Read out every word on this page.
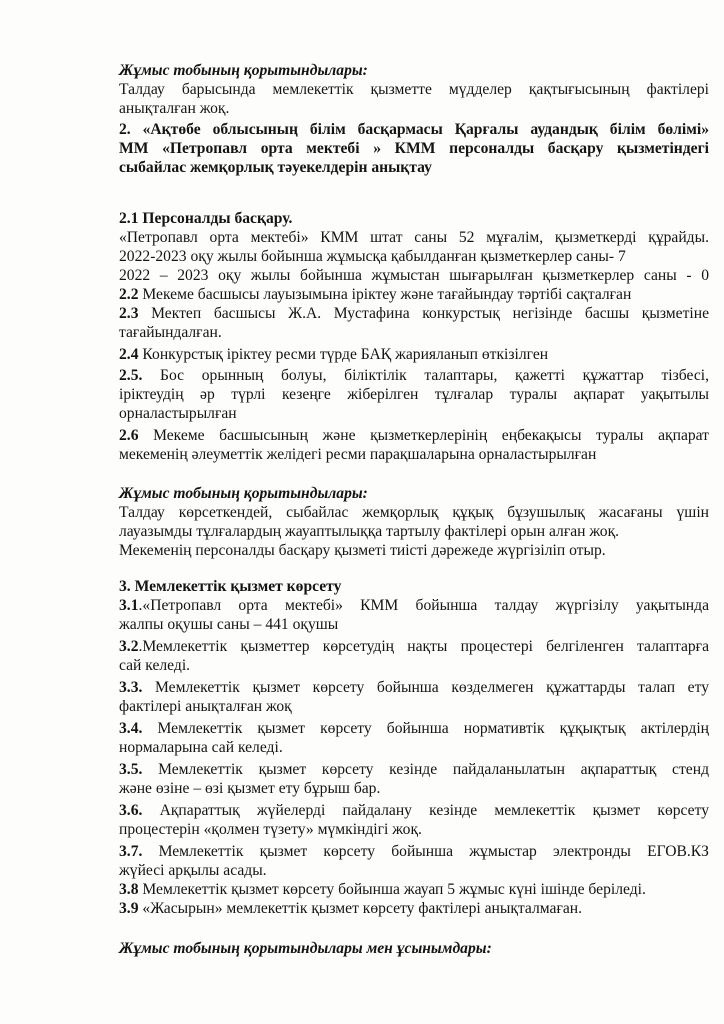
Жұмыс тобының қорытындылары:
Талдау барысында мемлекеттік қызметте мүдделер қақтығысының фактілері
анықталған жоқ.
2. «Ақтөбе облысының білім басқармасы Қарғалы аудандық білім бөлімі»
ММ «Петропавл орта мектебі » КММ персоналды басқару қызметіндегі
сыбайлас жемқорлық тәуекелдерін анықтау
2.1 Персоналды басқару.
«Петропавл орта мектебі» КММ штат саны 52 мұғалім, қызметкерді құрайды.
2022-2023 оқу жылы бойынша жұмысқа қабылданған қызметкерлер саны- 7
2022 – 2023 оқу жылы бойынша жұмыстан шығарылған қызметкерлер саны - 0
2.2 Мекеме басшысы лауызымына іріктеу және тағайындау тәртібі сақталған
2.3 Мектеп басшысы Ж.А. Мустафина конкурстық негізінде басшы қызметіне
тағайындалған.
2.4 Конкурстық іріктеу ресми түрде БАҚ жарияланып өткізілген
2.5. Бос орынның болуы, біліктілік талаптары, қажетті құжаттар тізбесі,
іріктеудің әр түрлі кезеңге жіберілген тұлғалар туралы ақпарат уақытылы
орналастырылған
2.6 Мекеме басшысының және қызметкерлерінің еңбекақысы туралы ақпарат
мекеменің әлеуметтік желідегі ресми парақшаларына орналастырылған
Жұмыс тобының қорытындылары:
Талдау көрсеткендей, сыбайлас жемқорлық құқық бұзушылық жасағаны үшін
лауазымды тұлғалардың жауаптылыққа тартылу фактілері орын алған жоқ.
Мекеменің персоналды басқару қызметі тиісті дәрежеде жүргізіліп отыр.
3. Мемлекеттік қызмет көрсету
3.1.«Петропавл орта мектебі» КММ бойынша талдау жүргізілу уақытында
жалпы оқушы саны – 441 оқушы
3.2.Мемлекеттік қызметтер көрсетудің нақты процестері белгіленген талаптарға
сай келеді.
3.3. Мемлекеттік қызмет көрсету бойынша көзделмеген құжаттарды талап ету
фактілері анықталған жоқ
3.4. Мемлекеттік қызмет көрсету бойынша нормативтік құқықтық актілердің
нормаларына сай келеді.
3.5. Мемлекеттік қызмет көрсету кезінде пайдаланылатын ақпараттық стенд
және өзіне – өзі қызмет ету бұрыш бар.
3.6. Ақпараттық жүйелерді пайдалану кезінде мемлекеттік қызмет көрсету
процестерін «қолмен түзету» мүмкіндігі жоқ.
3.7. Мемлекеттік қызмет көрсету бойынша жұмыстар электронды ЕГОВ.КЗ
жүйесі арқылы асады.
3.8 Мемлекеттік қызмет көрсету бойынша жауап 5 жұмыс күні ішінде беріледі.
3.9 «Жасырын» мемлекеттік қызмет көрсету фактілері анықталмаған.
Жұмыс тобының қорытындылары мен ұсынымдары:
